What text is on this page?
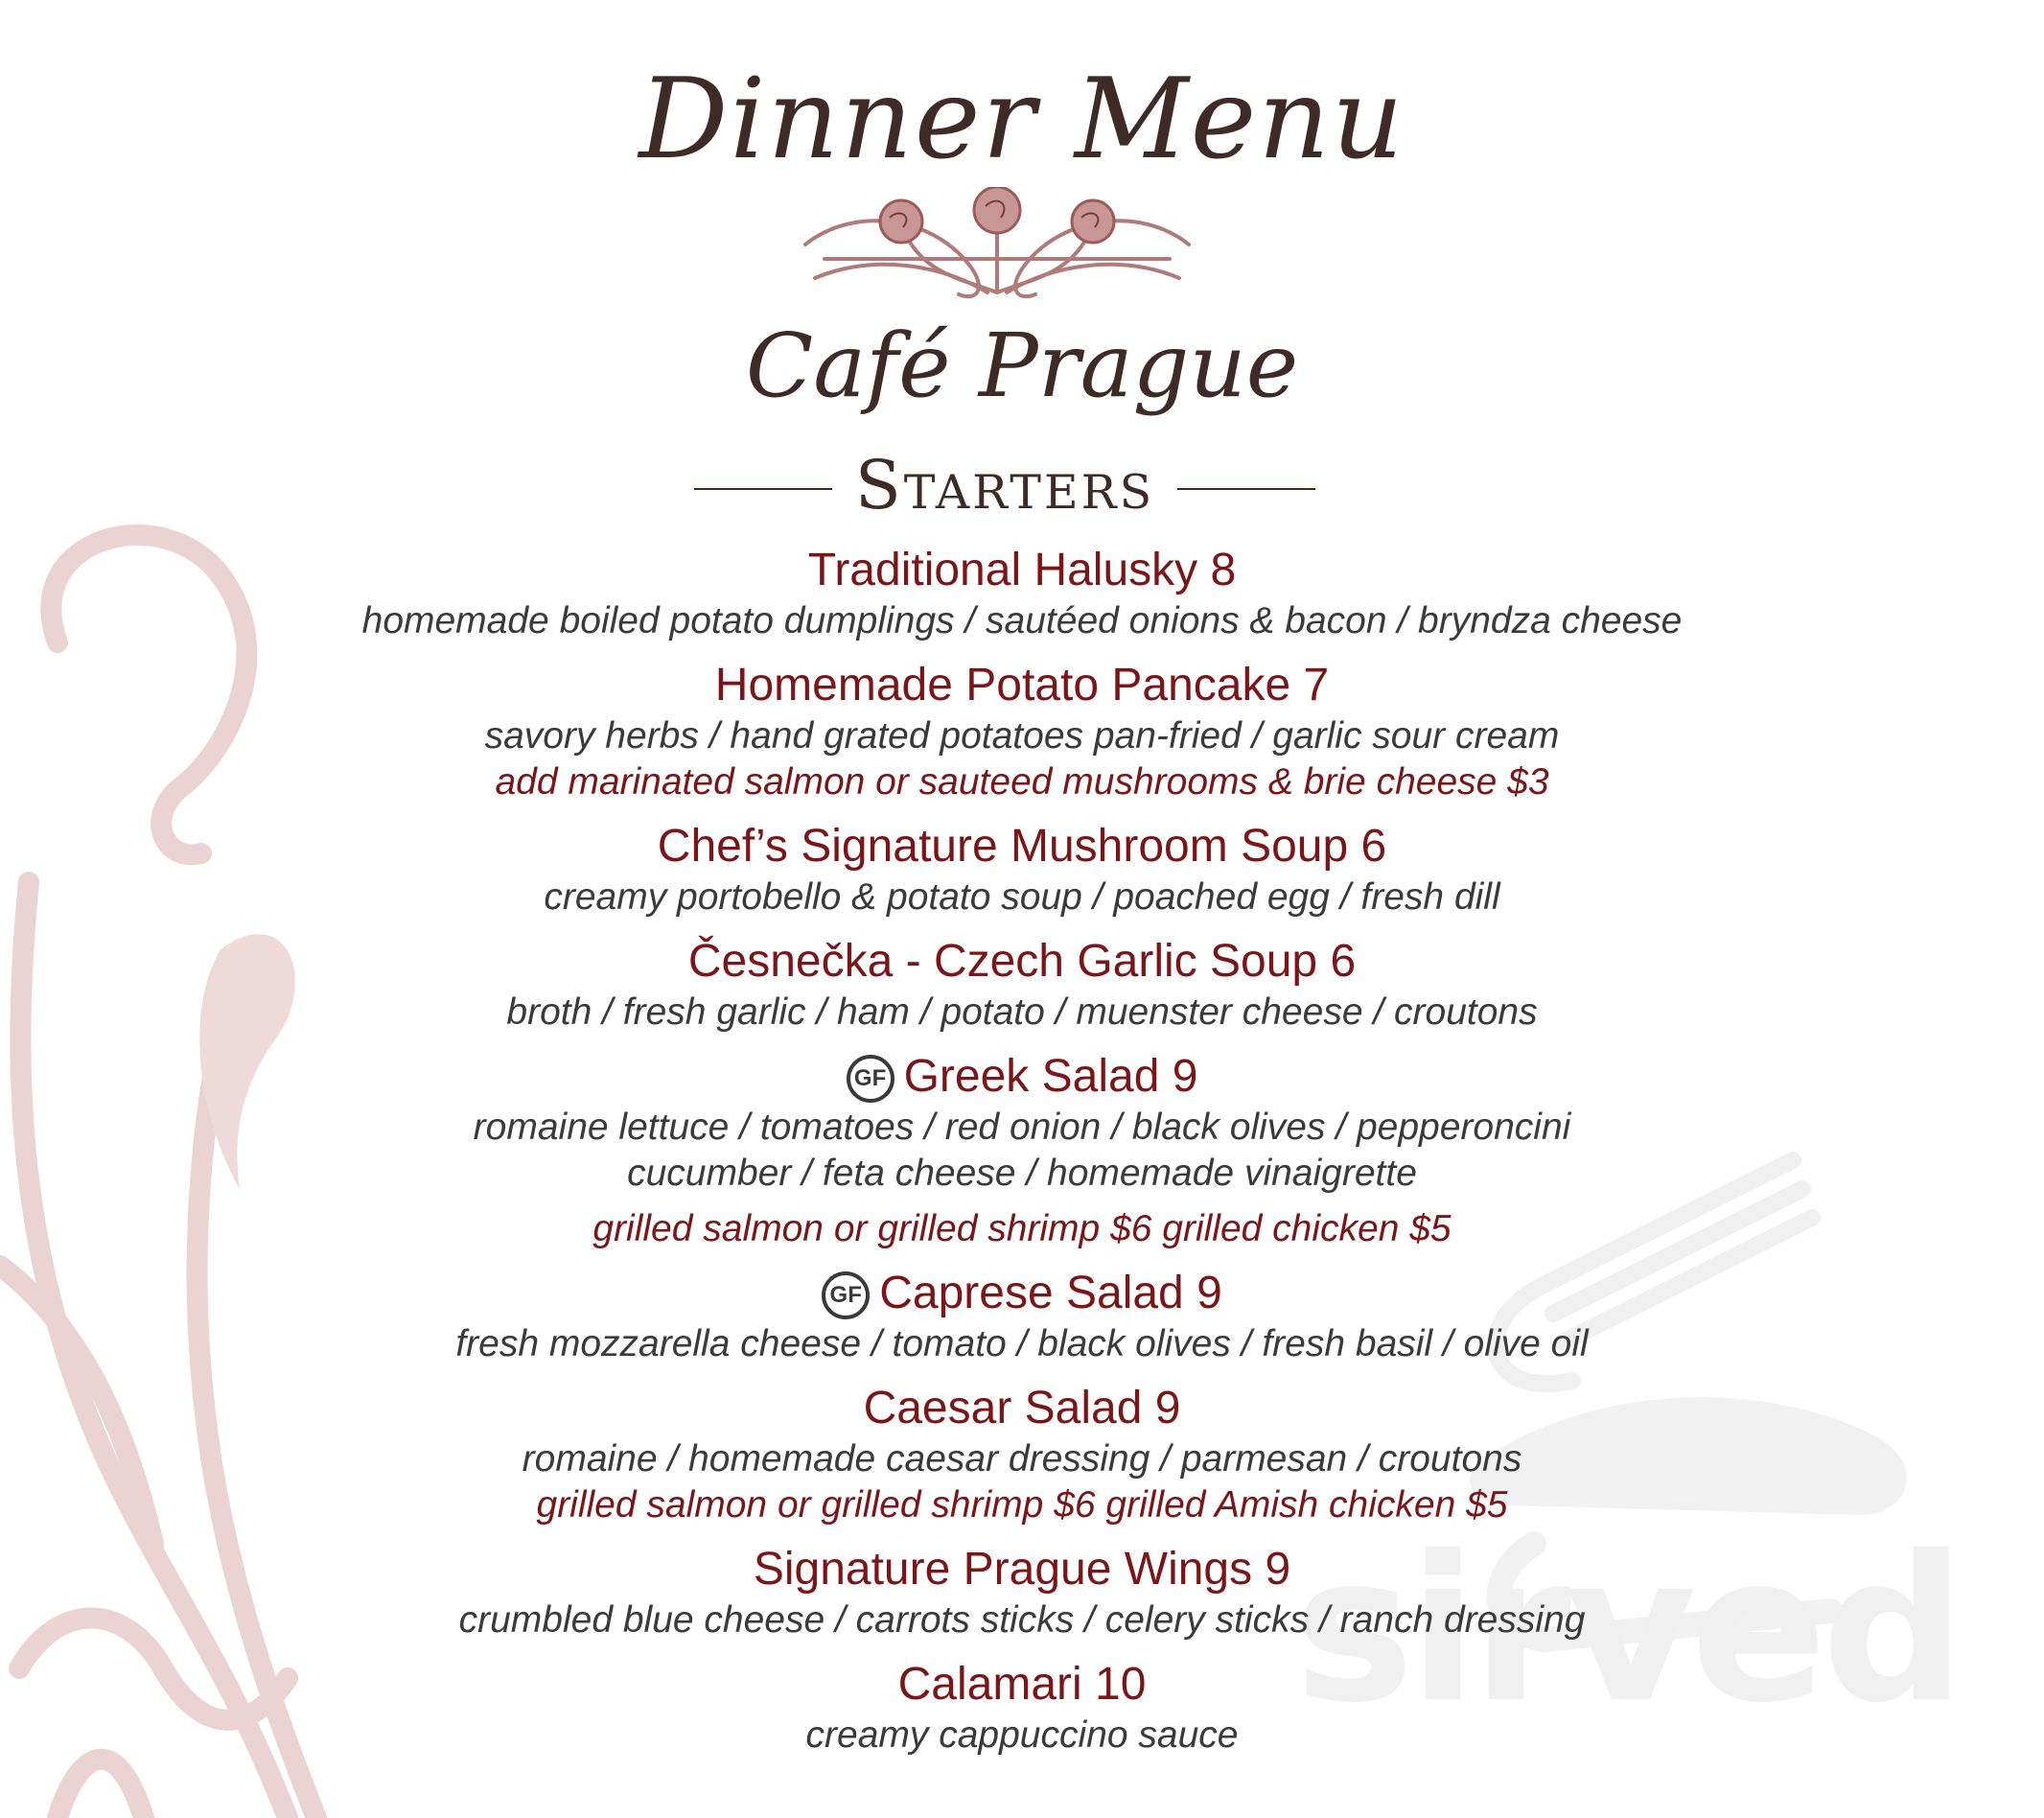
sirved
Dinner Menu
Café Prague
Starters
Traditional Halusky 8
homemade boiled potato dumplings / sautéed onions & bacon / bryndza cheese
Homemade Potato Pancake 7
savory herbs / hand grated potatoes pan-fried / garlic sour cream
add marinated salmon or sauteed mushrooms & brie cheese $3
Chef’s Signature Mushroom Soup 6
creamy portobello & potato soup / poached egg / fresh dill
Česnečka - Czech Garlic Soup 6
broth / fresh garlic / ham / potato / muenster cheese / croutons
GF Greek Salad 9
romaine lettuce / tomatoes / red onion / black olives / pepperoncini
cucumber / feta cheese / homemade vinaigrette
grilled salmon or grilled shrimp $6 grilled chicken $5
GF Caprese Salad 9
fresh mozzarella cheese / tomato / black olives / fresh basil / olive oil
Caesar Salad 9
romaine / homemade caesar dressing / parmesan / croutons
grilled salmon or grilled shrimp $6 grilled Amish chicken $5
Signature Prague Wings 9
crumbled blue cheese / carrots sticks / celery sticks / ranch dressing
Calamari 10
creamy cappuccino sauce
